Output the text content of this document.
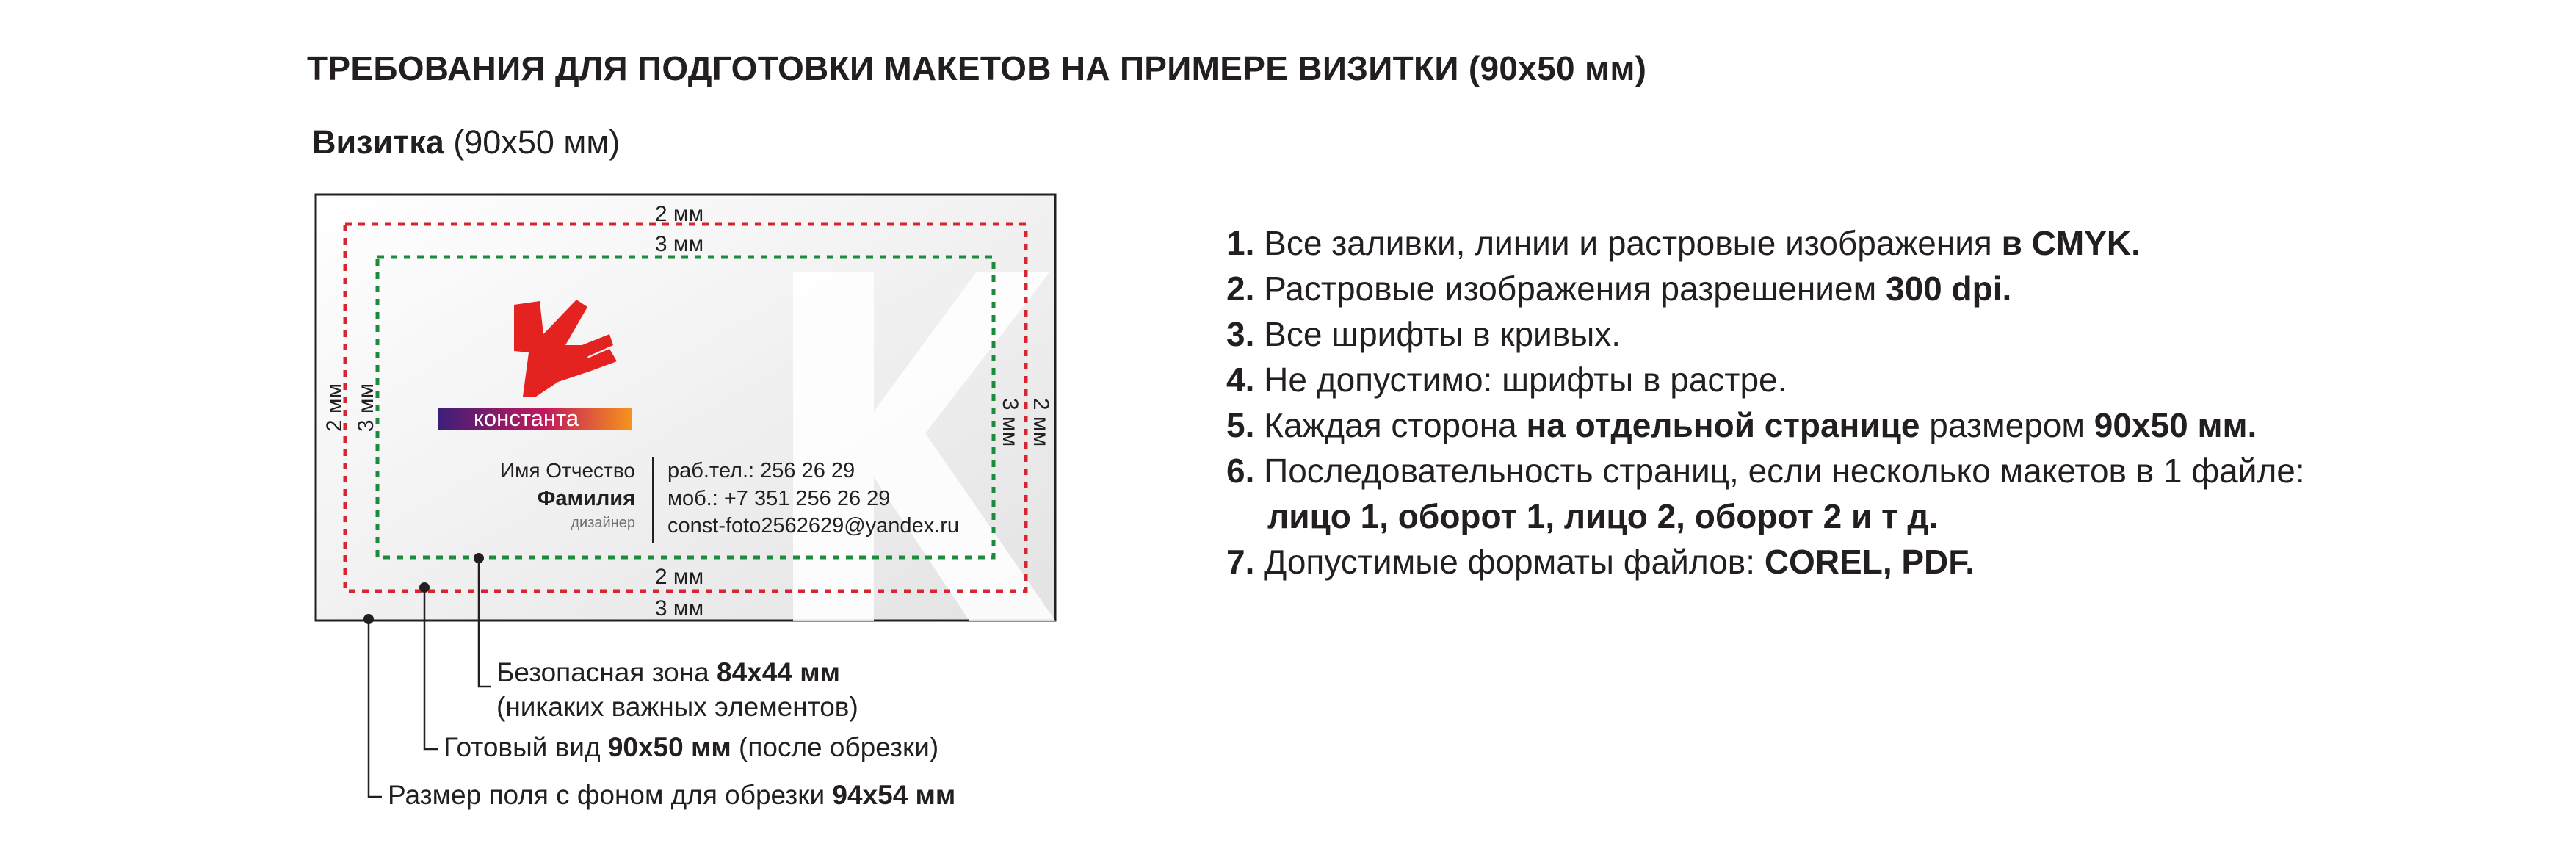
ТРЕБОВАНИЯ ДЛЯ ПОДГОТОВКИ МАКЕТОВ НА ПРИМЕРЕ ВИЗИТКИ (90х50 мм)
Визитка (90х50 мм)
2 мм
3 мм
2 мм
3 мм
2 мм 3 мм	3 мм 2 мм
константа
Имя Отчество
Фамилия
дизайнер
раб.тел.: 256 26 29
моб.: +7 351 256 26 29
const-foto2562629@yandex.ru
Безопасная зона 84х44 мм
(никаких важных элементов)
Готовый вид 90х50 мм (после обрезки)
Размер поля с фоном для обрезки 94х54 мм
1. Все заливки, линии и растровые изображения в CMYK.
2. Растровые изображения разрешением 300 dpi.
3. Все шрифты в кривых.
4. Не допустимо: шрифты в растре.
5. Каждая сторона на отдельной странице размером 90х50 мм.
6. Последовательность страниц, если несколько макетов в 1 файле:
лицо 1, оборот 1, лицо 2, оборот 2 и т д.
7. Допустимые форматы файлов: COREL, PDF.
